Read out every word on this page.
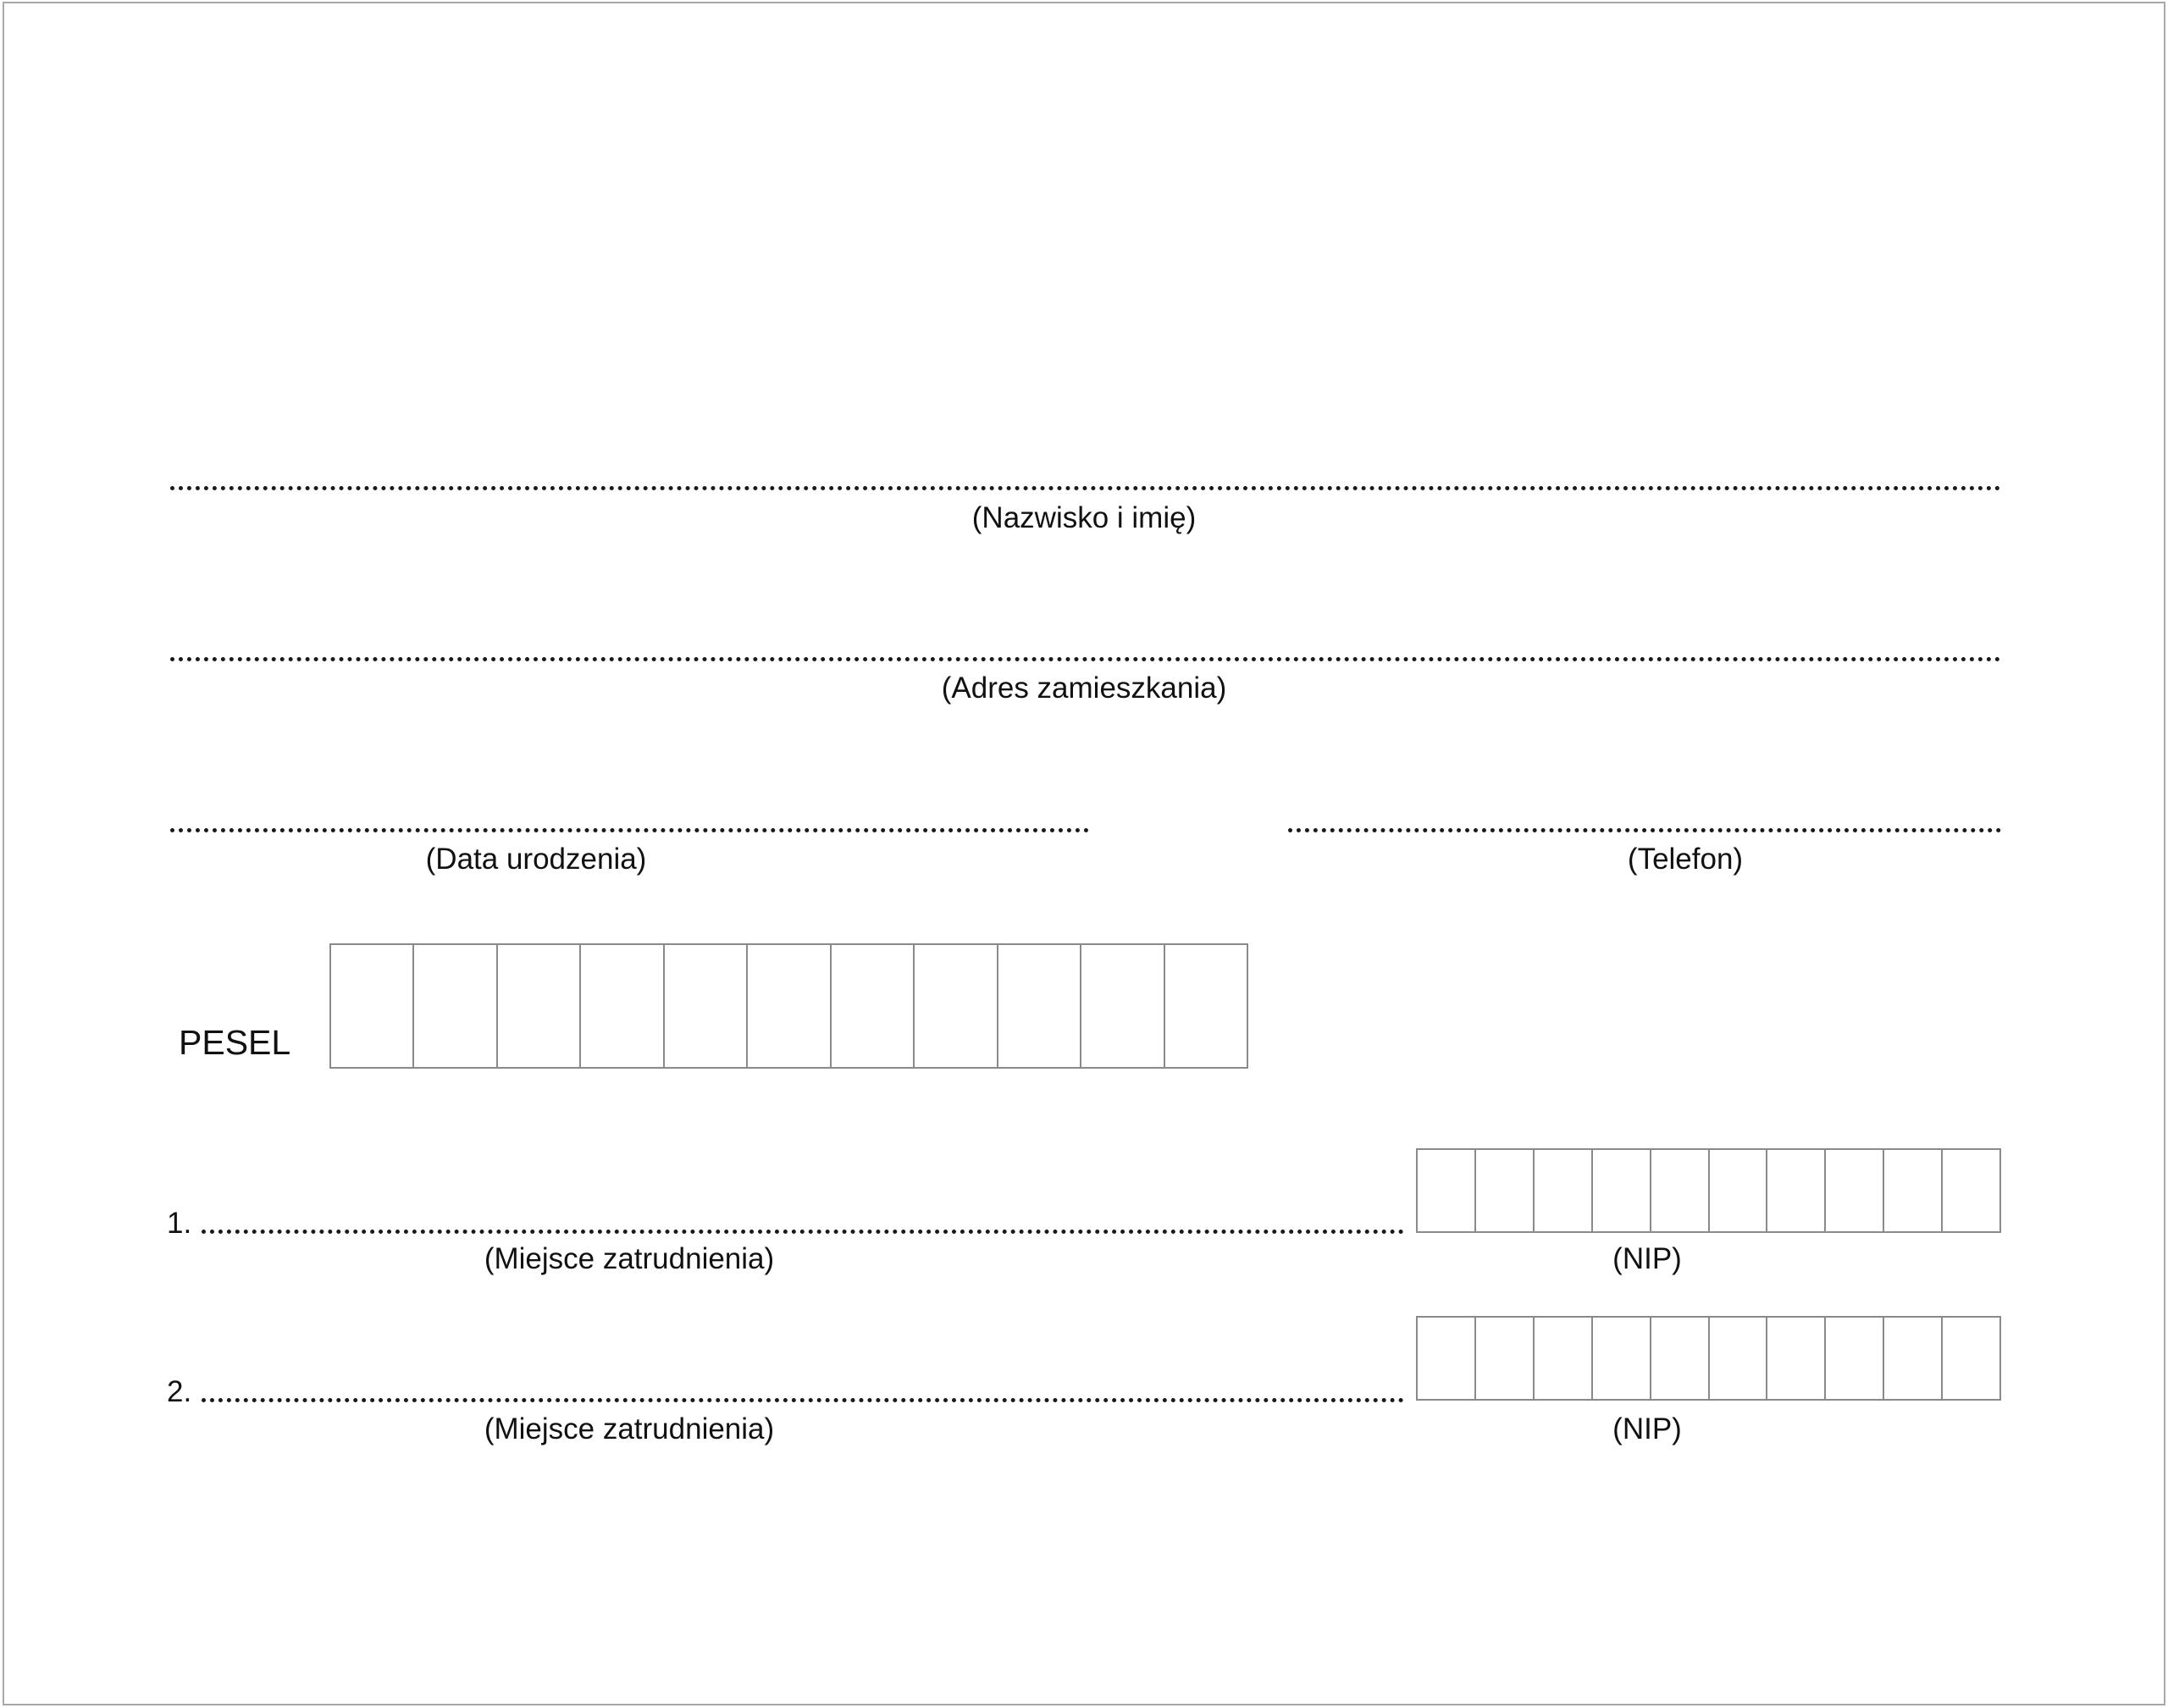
(Nazwisko i imię)
(Adres zamieszkania)
(Data urodzenia)	(Telefon)
PESEL
1.
(Miejsce zatrudnienia)	(NIP)
2.
(Miejsce zatrudnienia)	(NIP)
